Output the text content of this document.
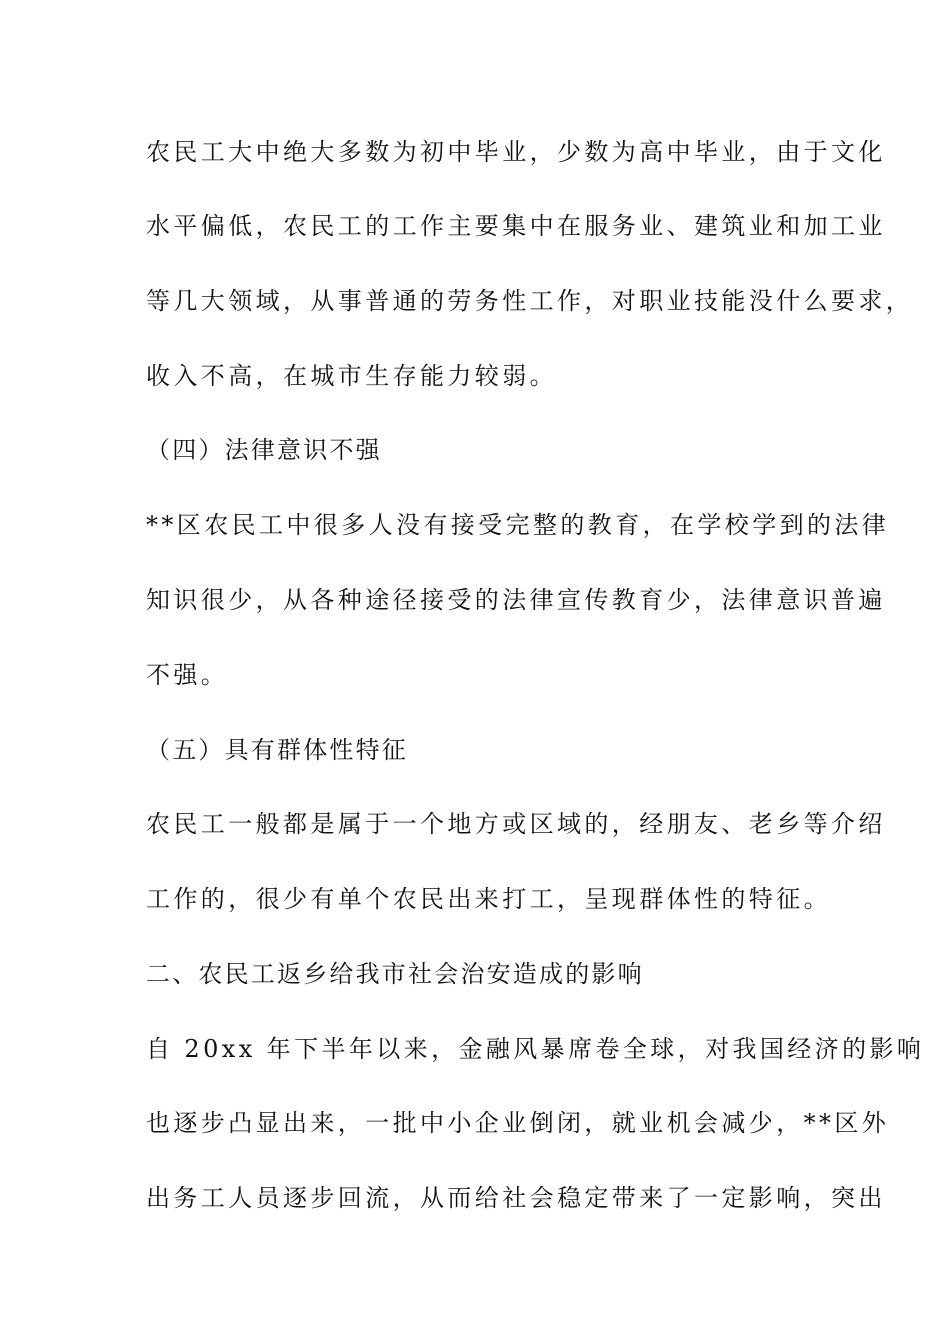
农民工大中绝大多数为初中毕业，少数为高中毕业，由于文化
水平偏低，农民工的工作主要集中在服务业、建筑业和加工业
等几大领域，从事普通的劳务性工作，对职业技能没什么要求，
收入不高，在城市生存能力较弱。
（四）法律意识不强
**区农民工中很多人没有接受完整的教育，在学校学到的法律
知识很少，从各种途径接受的法律宣传教育少，法律意识普遍
不强。
（五）具有群体性特征
农民工一般都是属于一个地方或区域的，经朋友、老乡等介绍
工作的，很少有单个农民出来打工，呈现群体性的特征。
二、农民工返乡给我市社会治安造成的影响
自 20xx 年下半年以来，金融风暴席卷全球，对我国经济的影响
也逐步凸显出来，一批中小企业倒闭，就业机会减少，**区外
出务工人员逐步回流，从而给社会稳定带来了一定影响，突出
